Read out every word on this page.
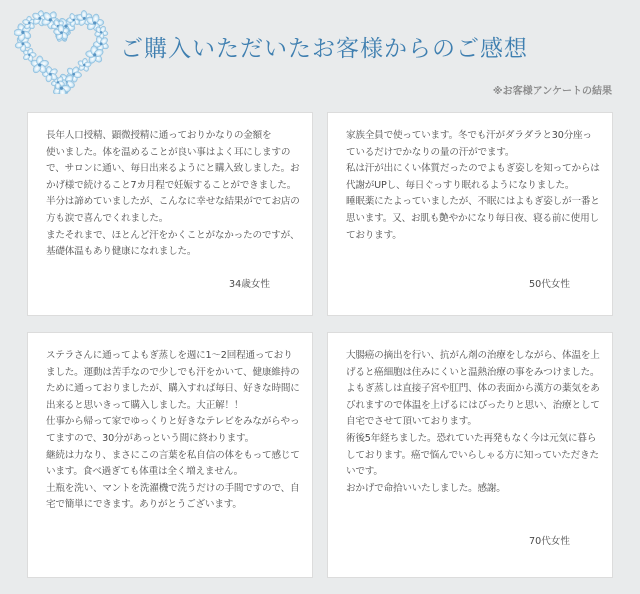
ご購入いただいたお客様からのご感想
※お客様アンケートの結果
長年人口授精、顕微授精に通っておりかなりの金額を
使いました。体を温めることが良い事はよく耳にしますので、サロンに通い、毎日出来るようにと購入致しました。おかげ様で続けること7カ月程で妊娠することができました。半分は諦めていましたが、こんなに幸せな結果がでてお店の方も涙で喜んでくれました。
またそれまで、ほとんど汗をかくことがなかったのですが、基礎体温もあり健康になれました。
34歳女性
家族全員で使っています。冬でも汗がダラダラと30分座っているだけでかなりの量の汗がでます。
私は汗が出にくい体質だったのでよもぎ姿しを知ってからは代謝がUPし、毎日ぐっすり眠れるようになりました。
睡眠薬にたよっていましたが、不眠にはよもぎ姿しが一番と思います。又、お肌も艶やかになり毎日夜、寝る前に使用しております。
50代女性
ステラさんに通ってよもぎ蒸しを週に1～2回程通っておりました。運動は苦手なので少しでも汗をかいて、健康維持のために通っておりましたが、購入すれば毎日、好きな時間に出来ると思いきって購入しました。大正解！！
仕事から帰って家でゆっくりと好きなテレビをみながらやってますので、30分があっという間に終わります。
継続は力なり、まさにこの言葉を私自信の体をもって感じています。食べ過ぎても体重は全く増えません。
土瓶を洗い、マントを洗濯機で洗うだけの手間ですので、自宅で簡単にできます。ありがとうございます。
大腸癌の摘出を行い、抗がん剤の治療をしながら、体温を上げると癌細胞は住みにくいと温熱治療の事をみつけました。よもぎ蒸しは直接子宮や肛門、体の表面から漢方の薬気をあびれますので体温を上げるにはぴったりと思い、治療として自宅でさせて頂いております。
術後5年経ちました。恐れていた再発もなく今は元気に暮らしております。癌で悩んでいらしゃる方に知っていただきたいです。
おかげで命拾いいたしました。感謝。
70代女性
